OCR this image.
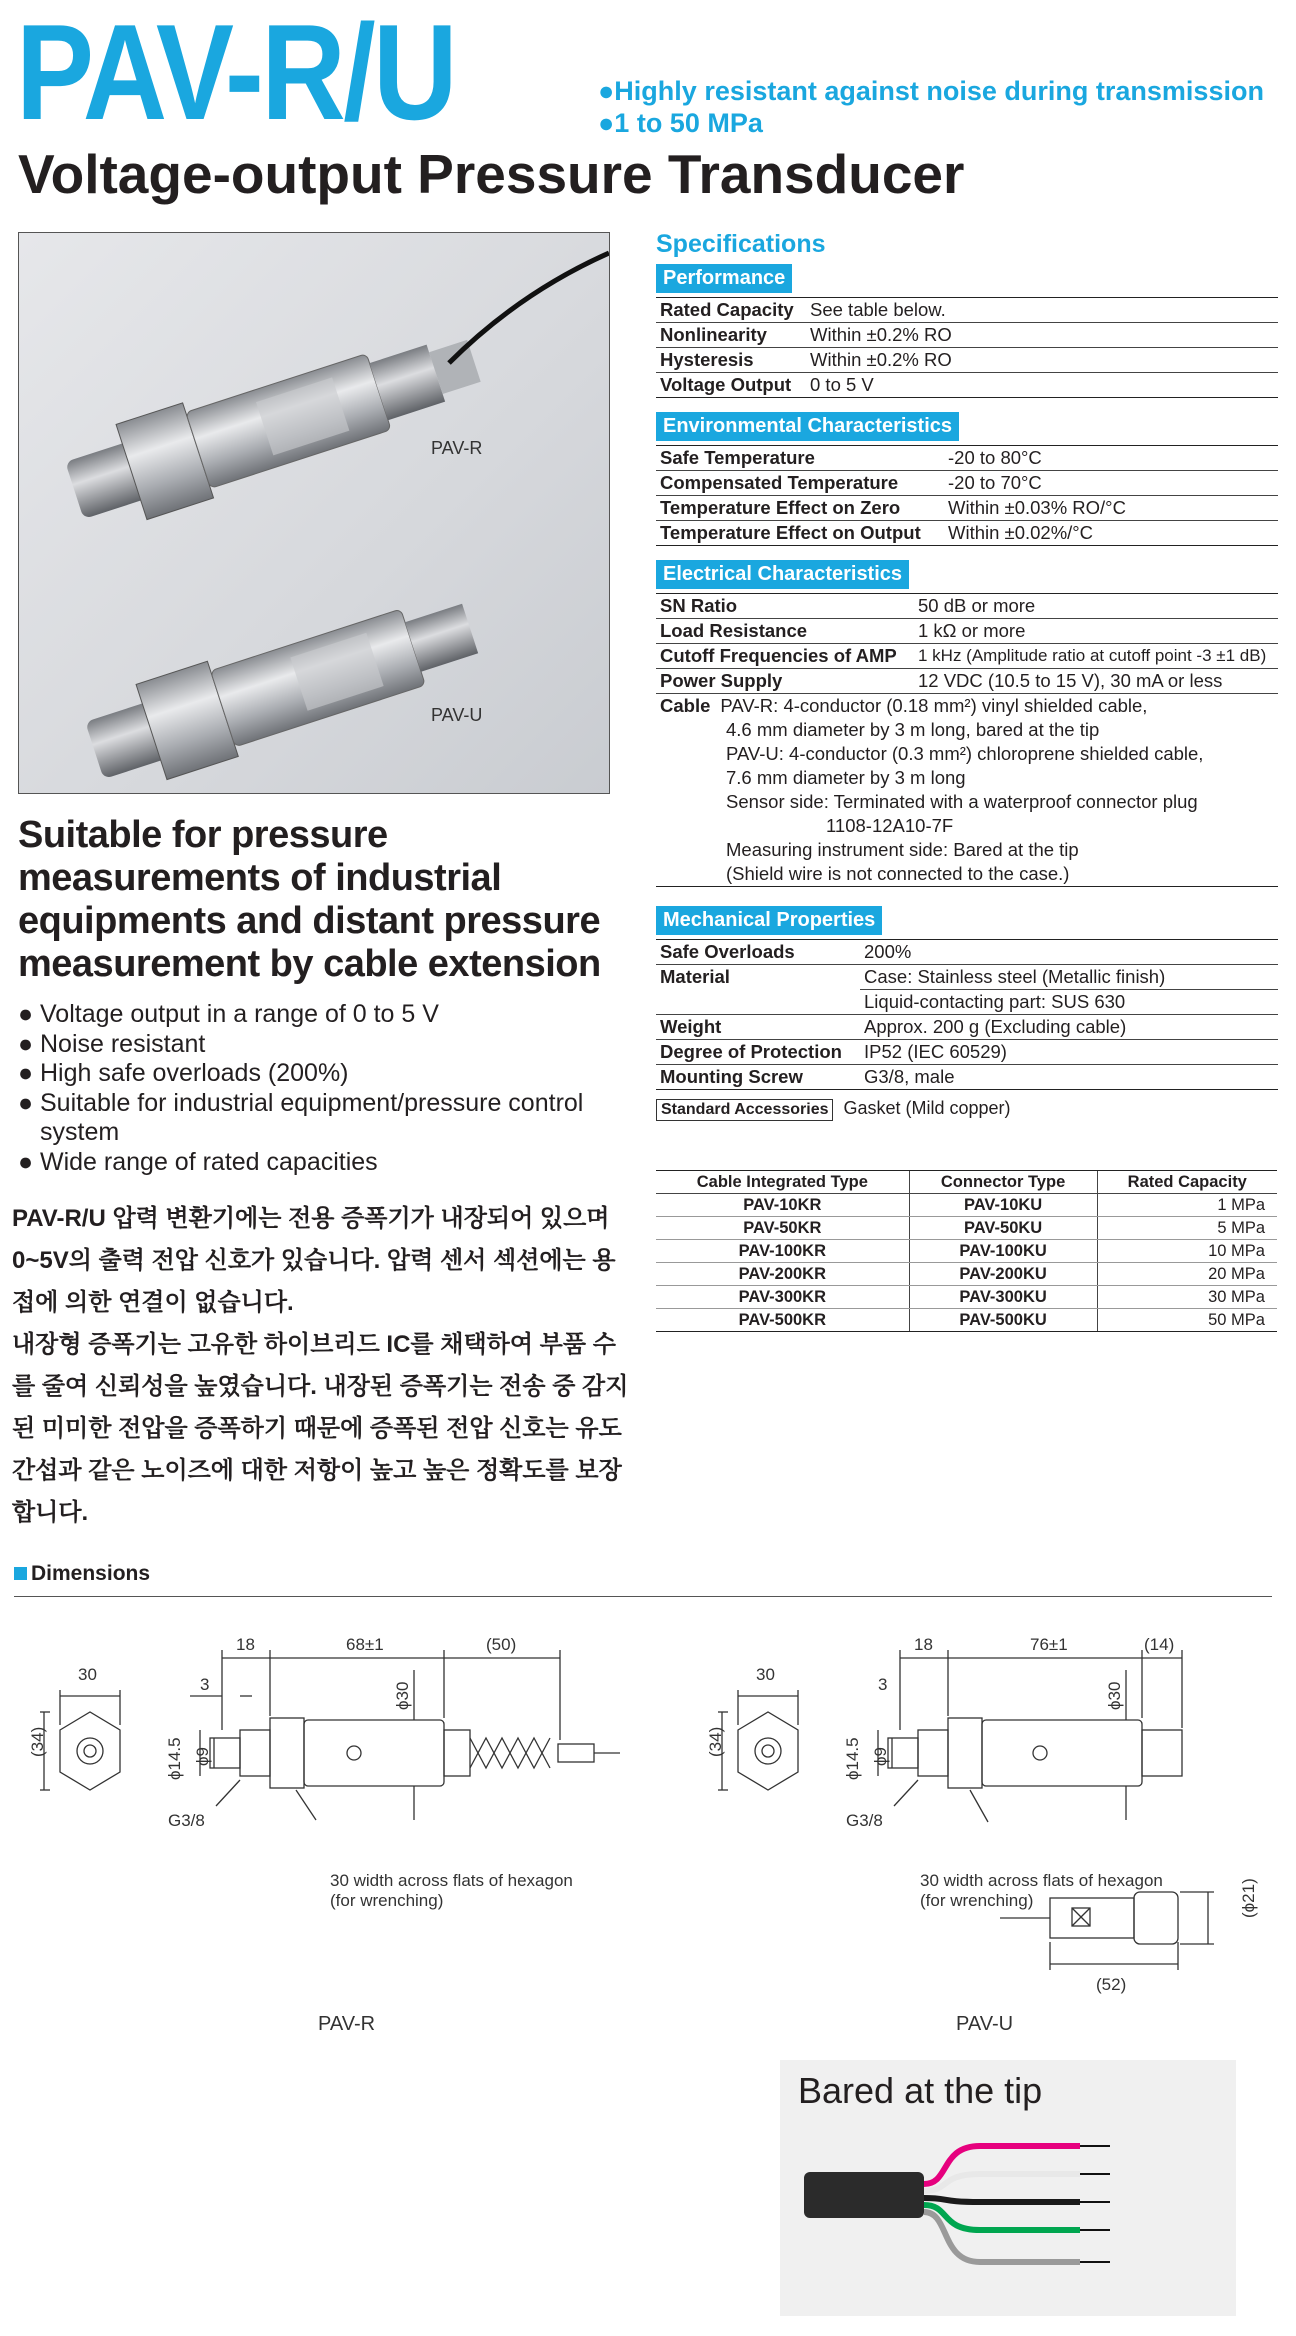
PAV-R/U	●Highly resistant against noise during transmission
●1 to 50 MPa
Voltage-output Pressure Transducer
PAV-R
PAV-U
Suitable for pressure measurements of industrial equipments and distant pressure measurement by cable extension
● Voltage output in a range of 0 to 5 V
● Noise resistant
● High safe overloads (200%)
● Suitable for industrial equipment/pressure control system
● Wide range of rated capacities
PAV-R/U 압력 변환기에는 전용 증폭기가 내장되어 있으며 0~5V의 출력 전압 신호가 있습니다. 압력 센서 섹션에는 용접에 의한 연결이 없습니다.
내장형 증폭기는 고유한 하이브리드 IC를 채택하여 부품 수를 줄여 신뢰성을 높였습니다. 내장된 증폭기는 전송 중 감지된 미미한 전압을 증폭하기 때문에 증폭된 전압 신호는 유도 간섭과 같은 노이즈에 대한 저항이 높고 높은 정확도를 보장합니다.
Specifications
Performance
Rated Capacity	See table below.
Nonlinearity	Within ±0.2% RO
Hysteresis	Within ±0.2% RO
Voltage Output	0 to 5 V
Environmental Characteristics
Safe Temperature	-20 to 80°C
Compensated Temperature	-20 to 70°C
Temperature Effect on Zero	Within ±0.03% RO/°C
Temperature Effect on Output	Within ±0.02%/°C
Electrical Characteristics
SN Ratio	50 dB or more
Load Resistance	1 kΩ or more
Cutoff Frequencies of AMP	1 kHz (Amplitude ratio at cutoff point -3 ±1 dB)
Power Supply	12 VDC (10.5 to 15 V), 30 mA or less
Cable PAV-R: 4-conductor (0.18 mm²) vinyl shielded cable,	
4.6 mm diameter by 3 m long, bared at the tip	
PAV-U: 4-conductor (0.3 mm²) chloroprene shielded cable,	
7.6 mm diameter by 3 m long	
Sensor side: Terminated with a waterproof connector plug	
1108-12A10-7F	
Measuring instrument side: Bared at the tip	
(Shield wire is not connected to the case.)	
Mechanical Properties
Safe Overloads	200%
Material	Case: Stainless steel (Metallic finish)
	Liquid-contacting part: SUS 630
Weight	Approx. 200 g (Excluding cable)
Degree of Protection	IP52 (IEC 60529)
Mounting Screw	G3/8, male
Standard Accessories Gasket (Mild copper)
Cable Integrated Type	Connector Type	Rated Capacity
PAV-10KR	PAV-10KU	1 MPa
PAV-50KR	PAV-50KU	5 MPa
PAV-100KR	PAV-100KU	10 MPa
PAV-200KR	PAV-200KU	20 MPa
PAV-300KR	PAV-300KU	30 MPa
PAV-500KR	PAV-500KU	50 MPa
Dimensions
30
(34)
18	68±1	(50)
3	ϕ30
ϕ14.5 ϕ9
G3/8
30 width across flats of hexagon
(for wrenching)
PAV-R
30
(34)
18	76±1	(14)
3	ϕ30
ϕ14.5 ϕ9
G3/8
30 width across flats of hexagon
(for wrenching)	(ϕ21)
(52)
PAV-U
Bared at the tip
